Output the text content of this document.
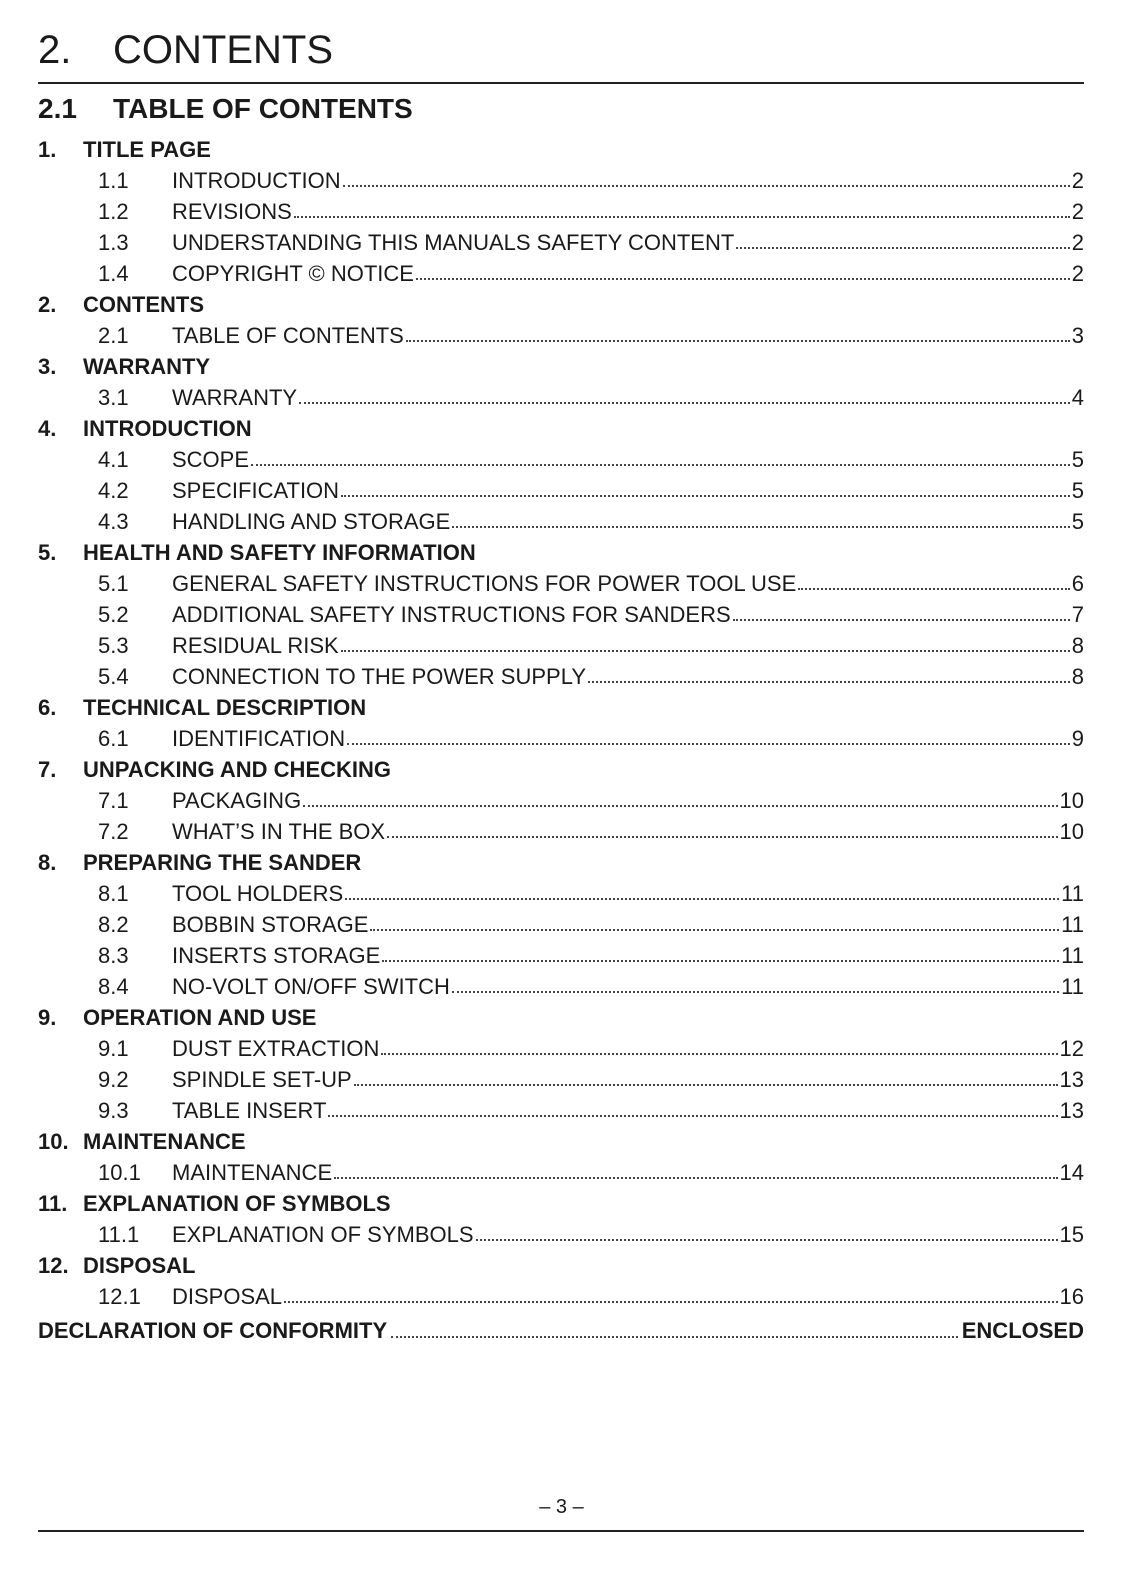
2. CONTENTS
2.1 TABLE OF CONTENTS
1. TITLE PAGE
1.1	INTRODUCTION	2
1.2	REVISIONS	2
1.3	UNDERSTANDING THIS MANUALS SAFETY CONTENT	2
1.4	COPYRIGHT © NOTICE	2
2. CONTENTS
2.1	TABLE OF CONTENTS	3
3. WARRANTY
3.1	WARRANTY	4
4. INTRODUCTION
4.1	SCOPE	5
4.2	SPECIFICATION	5
4.3	HANDLING AND STORAGE	5
5. HEALTH AND SAFETY INFORMATION
5.1	GENERAL SAFETY INSTRUCTIONS FOR POWER TOOL USE	6
5.2	ADDITIONAL SAFETY INSTRUCTIONS FOR SANDERS	7
5.3	RESIDUAL RISK	8
5.4	CONNECTION TO THE POWER SUPPLY	8
6. TECHNICAL DESCRIPTION
6.1	IDENTIFICATION	9
7. UNPACKING AND CHECKING
7.1	PACKAGING	10
7.2	WHAT’S IN THE BOX	10
8. PREPARING THE SANDER
8.1	TOOL HOLDERS	11
8.2	BOBBIN STORAGE	11
8.3	INSERTS STORAGE	11
8.4	NO-VOLT ON/OFF SWITCH	11
9. OPERATION AND USE
9.1	DUST EXTRACTION	12
9.2	SPINDLE SET-UP	13
9.3	TABLE INSERT	13
10. MAINTENANCE
10.1	MAINTENANCE	14
11. EXPLANATION OF SYMBOLS
11.1	EXPLANATION OF SYMBOLS	15
12. DISPOSAL
12.1	DISPOSAL	16
DECLARATION OF CONFORMITY	ENCLOSED
– 3 –
